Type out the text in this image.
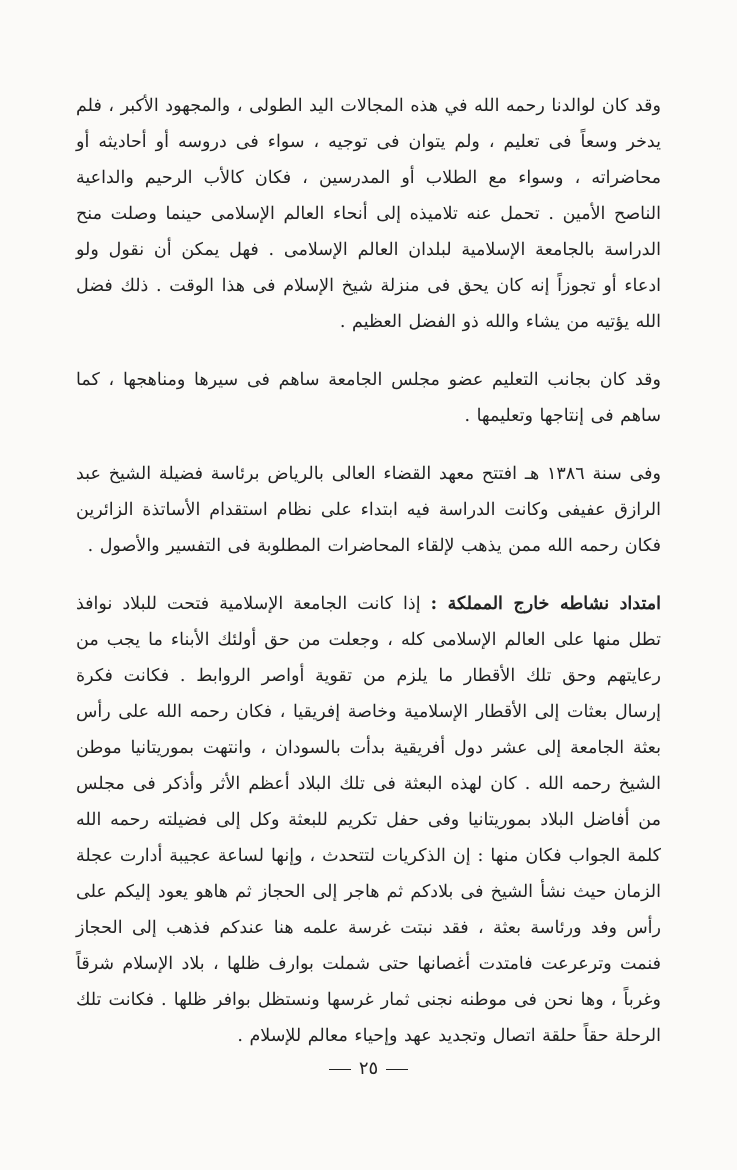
وقد كان لوالدنا رحمه الله في هذه المجالات اليد الطولى ، والمجهود الأكبر ، فلم يدخر وسعاً فى تعليم ، ولم يتوان فى توجيه ، سواء فى دروسه أو أحاديثه أو محاضراته ، وسواء مع الطلاب أو المدرسين ، فكان كالأب الرحيم والداعية الناصح الأمين . تحمل عنه تلاميذه إلى أنحاء العالم الإسلامى حينما وصلت منح الدراسة بالجامعة الإسلامية لبلدان العالم الإسلامى . فهل يمكن أن نقول ولو ادعاء أو تجوزاً إنه كان يحق فى منزلة شيخ الإسلام فى هذا الوقت . ذلك فضل الله يؤتيه من يشاء والله ذو الفضل العظيم .

وقد كان بجانب التعليم عضو مجلس الجامعة ساهم فى سيرها ومناهجها ، كما ساهم فى إنتاجها وتعليمها .

وفى سنة ١٣٨٦ هـ افتتح معهد القضاء العالى بالرياض برئاسة فضيلة الشيخ عبد الرازق عفيفى وكانت الدراسة فيه ابتداء على نظام استقدام الأساتذة الزائرين فكان رحمه الله ممن يذهب لإلقاء المحاضرات المطلوبة فى التفسير والأصول .

امتداد نشاطه خارج المملكة : إذا كانت الجامعة الإسلامية فتحت للبلاد نوافذ تطل منها على العالم الإسلامى كله ، وجعلت من حق أولئك الأبناء ما يجب من رعايتهم وحق تلك الأقطار ما يلزم من تقوية أواصر الروابط . فكانت فكرة إرسال بعثات إلى الأقطار الإسلامية وخاصة إفريقيا ، فكان رحمه الله على رأس بعثة الجامعة إلى عشر دول أفريقية بدأت بالسودان ، وانتهت بموريتانيا موطن الشيخ رحمه الله . كان لهذه البعثة فى تلك البلاد أعظم الأثر وأذكر فى مجلس من أفاضل البلاد بموريتانيا وفى حفل تكريم للبعثة وكل إلى فضيلته رحمه الله كلمة الجواب فكان منها : إن الذكريات لتتحدث ، وإنها لساعة عجيبة أدارت عجلة الزمان حيث نشأ الشيخ فى بلادكم ثم هاجر إلى الحجاز ثم هاهو يعود إليكم على رأس وفد ورئاسة بعثة ، فقد نبتت غرسة علمه هنا عندكم فذهب إلى الحجاز فنمت وترعرعت فامتدت أغصانها حتى شملت بوارف ظلها ، بلاد الإسلام شرقاً وغرباً ، وها نحن فى موطنه نجنى ثمار غرسها ونستظل بوافر ظلها . فكانت تلك الرحلة حقاً حلقة اتصال وتجديد عهد وإحياء معالم للإسلام .

٢٥
